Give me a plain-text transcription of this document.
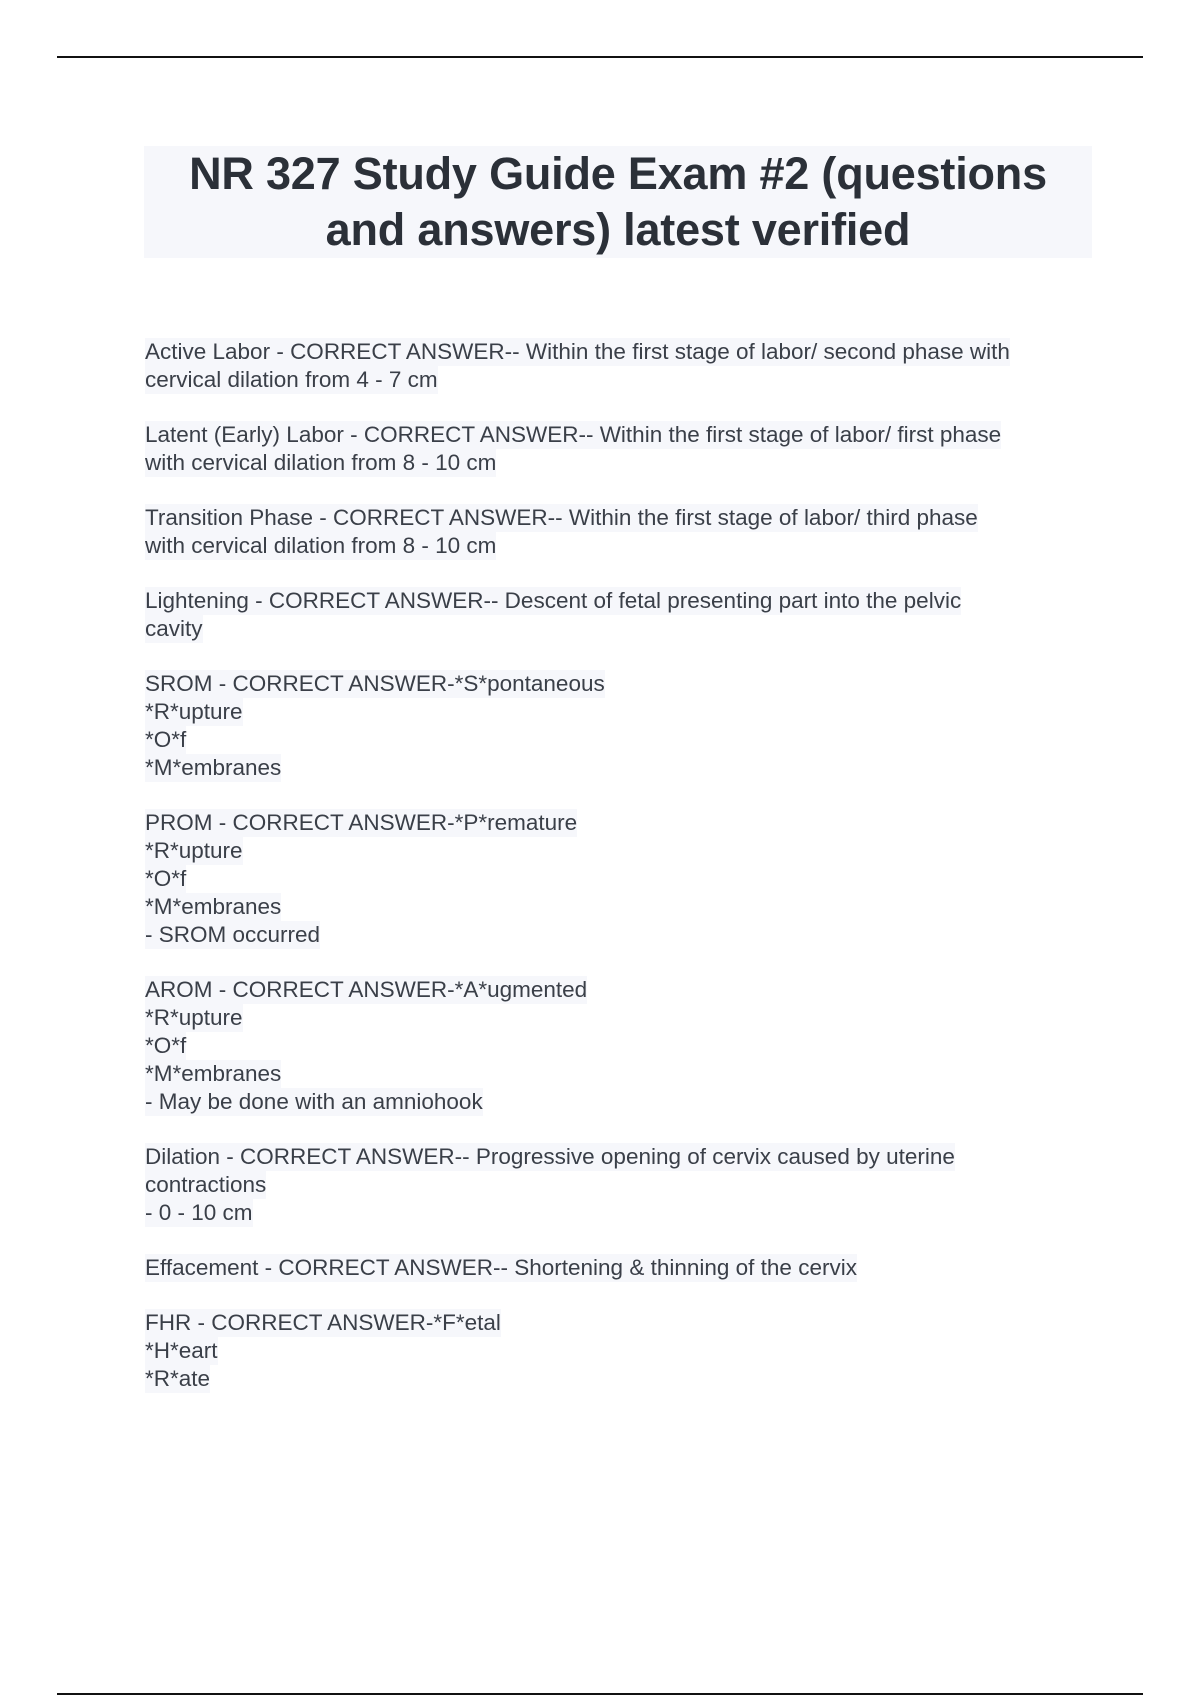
NR 327 Study Guide Exam #2 (questions
and answers) latest verified
Active Labor - CORRECT ANSWER-- Within the first stage of labor/ second phase with
cervical dilation from 4 - 7 cm
Latent (Early) Labor - CORRECT ANSWER-- Within the first stage of labor/ first phase
with cervical dilation from 8 - 10 cm
Transition Phase - CORRECT ANSWER-- Within the first stage of labor/ third phase
with cervical dilation from 8 - 10 cm
Lightening - CORRECT ANSWER-- Descent of fetal presenting part into the pelvic
cavity
SROM - CORRECT ANSWER-*S*pontaneous
*R*upture
*O*f
*M*embranes
PROM - CORRECT ANSWER-*P*remature
*R*upture
*O*f
*M*embranes
- SROM occurred
AROM - CORRECT ANSWER-*A*ugmented
*R*upture
*O*f
*M*embranes
- May be done with an amniohook
Dilation - CORRECT ANSWER-- Progressive opening of cervix caused by uterine
contractions
- 0 - 10 cm
Effacement - CORRECT ANSWER-- Shortening & thinning of the cervix
FHR - CORRECT ANSWER-*F*etal
*H*eart
*R*ate
